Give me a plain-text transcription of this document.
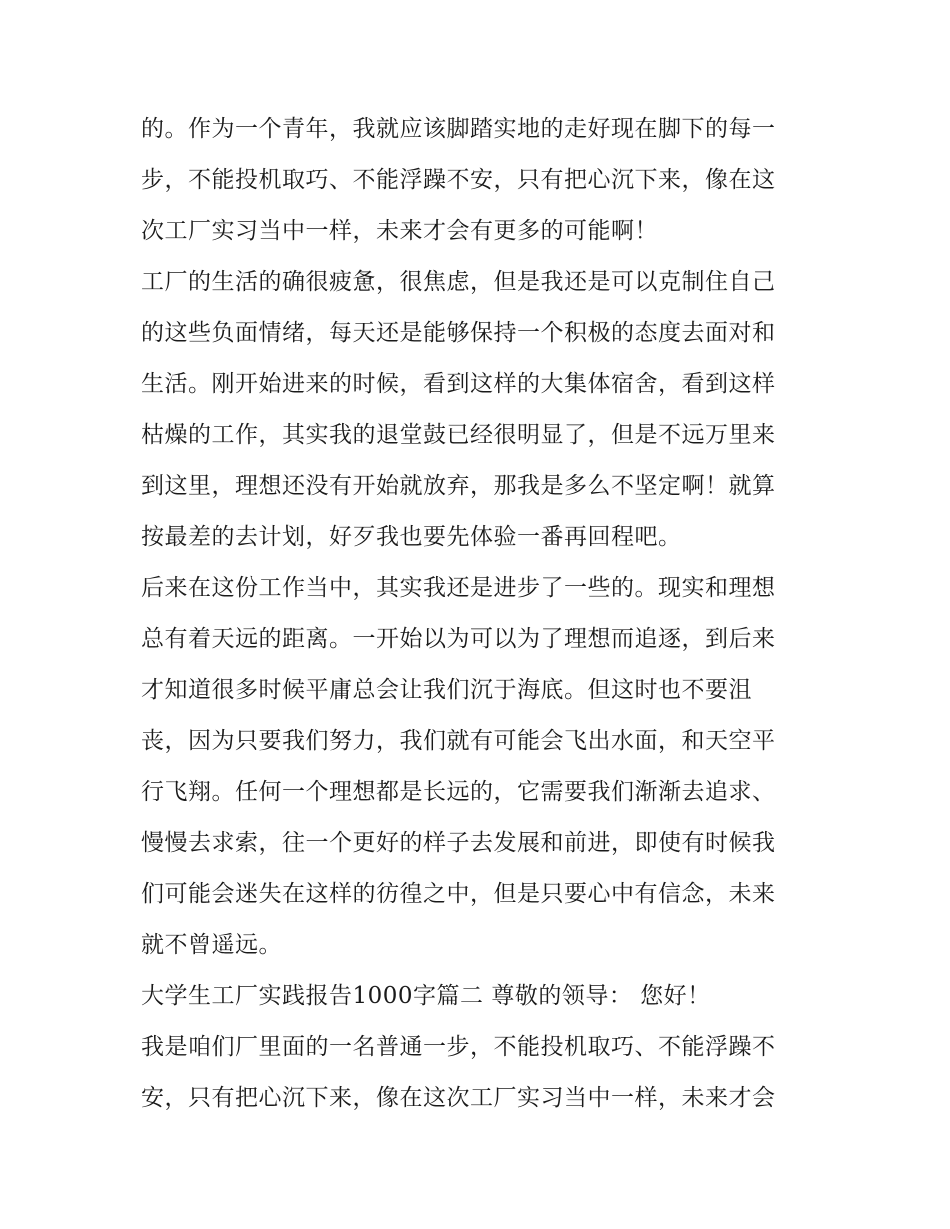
的。作为一个青年，我就应该脚踏实地的走好现在脚下的每一
步，不能投机取巧、不能浮躁不安，只有把心沉下来，像在这
次工厂实习当中一样，未来才会有更多的可能啊！
工厂的生活的确很疲惫，很焦虑，但是我还是可以克制住自己
的这些负面情绪，每天还是能够保持一个积极的态度去面对和
生活。刚开始进来的时候，看到这样的大集体宿舍，看到这样
枯燥的工作，其实我的退堂鼓已经很明显了，但是不远万里来
到这里，理想还没有开始就放弃，那我是多么不坚定啊！就算
按最差的去计划，好歹我也要先体验一番再回程吧。
后来在这份工作当中，其实我还是进步了一些的。现实和理想
总有着天远的距离。一开始以为可以为了理想而追逐，到后来
才知道很多时候平庸总会让我们沉于海底。但这时也不要沮
丧，因为只要我们努力，我们就有可能会飞出水面，和天空平
行飞翔。任何一个理想都是长远的，它需要我们渐渐去追求、
慢慢去求索，往一个更好的样子去发展和前进，即使有时候我
们可能会迷失在这样的彷徨之中，但是只要心中有信念，未来
就不曾遥远。
大学生工厂实践报告1000字篇二 尊敬的领导： 您好！
我是咱们厂里面的一名普通一步，不能投机取巧、不能浮躁不
安，只有把心沉下来，像在这次工厂实习当中一样，未来才会
